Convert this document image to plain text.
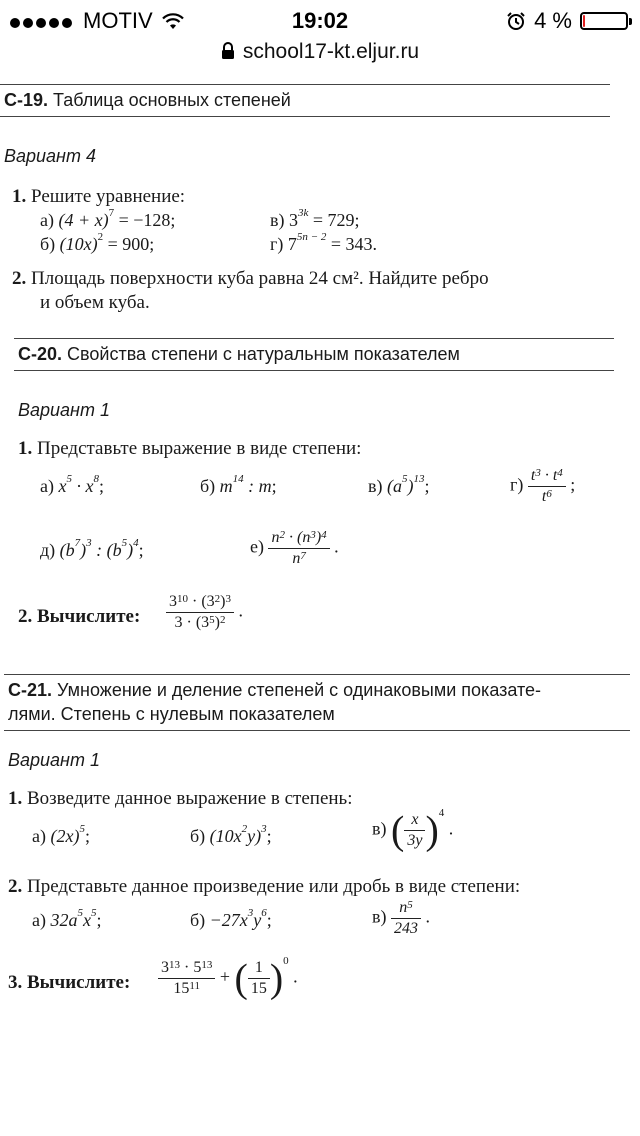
MOTIV	19:02	4 %
school17-kt.eljur.ru
С-19. Таблица основных степеней
Вариант 4
1. Решите уравнение:
а) $(4 + x)^7 = -128$;	в) $3^{3k} = 729$;
б) $(10x)^2 = 900$;	г) $7^{5n - 2} = 343$.
2. Площадь поверхности куба равна 24 см². Найдите ребро
и объем куба.
С-20. Свойства степени с натуральным показателем
Вариант 1
1. Представьте выражение в виде степени:
а) $x^5 \cdot x^8$;	б) $m^{14}$ : m;	в) $(a^5)^{13}$;	$г) \frac{t^3 \cdot t^4}{t^6}$ ;
д) $(b^7)^3$ : $(b^5)^4$;	$е) \frac{n^2 \cdot (n^3)^4}{n^7}$ .
2. Вычислите: $\frac{3^{10} \cdot (3^2)^3}{3 \cdot (3^5)^2}$ .
С-21. Умножение и деление степеней с одинаковыми показате-
лями. Степень с нулевым показателем
Вариант 1
1. Возведите данное выражение в степень:
а) $(2x)^5$;	б) $(10x^2y)^3$;	в) ( $\frac{x}{3y} )^4$ .
2. Представьте данное произведение или дробь в виде степени:
а) $32a^5x^5$;	$б) -27x^3y^6$;	$в) \frac{n^5}{243}$ .
3. Вычислите: $\frac{3^{13} \cdot 5^{13}}{15^{11}}$ + ( $\frac{1}{15} )^0$ .
